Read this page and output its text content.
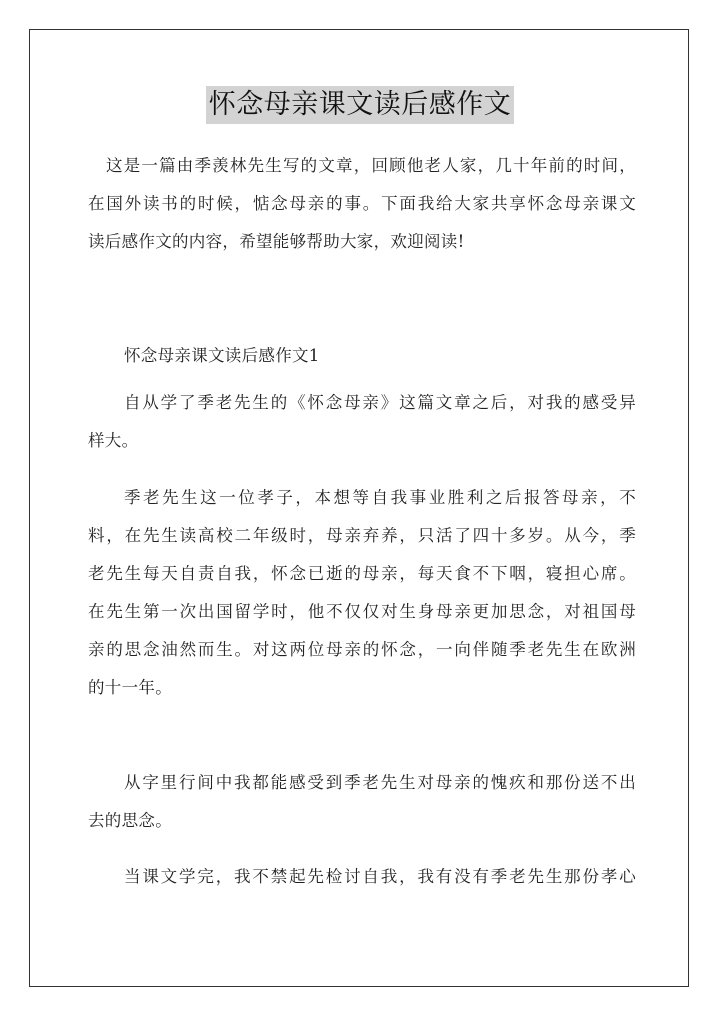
怀念母亲课文读后感作文
这是一篇由季羡林先生写的文章，回顾他老人家，几十年前的时间，
在国外读书的时候，惦念母亲的事。下面我给大家共享怀念母亲课文
读后感作文的内容，希望能够帮助大家，欢迎阅读!
怀念母亲课文读后感作文1
自从学了季老先生的《怀念母亲》这篇文章之后，对我的感受异
样大。
季老先生这一位孝子，本想等自我事业胜利之后报答母亲，不
料，在先生读高校二年级时，母亲弃养，只活了四十多岁。从今，季
老先生每天自责自我，怀念已逝的母亲，每天食不下咽，寝担心席。
在先生第一次出国留学时，他不仅仅对生身母亲更加思念，对祖国母
亲的思念油然而生。对这两位母亲的怀念，一向伴随季老先生在欧洲
的十一年。
从字里行间中我都能感受到季老先生对母亲的愧疚和那份送不出
去的思念。
当课文学完，我不禁起先检讨自我，我有没有季老先生那份孝心
